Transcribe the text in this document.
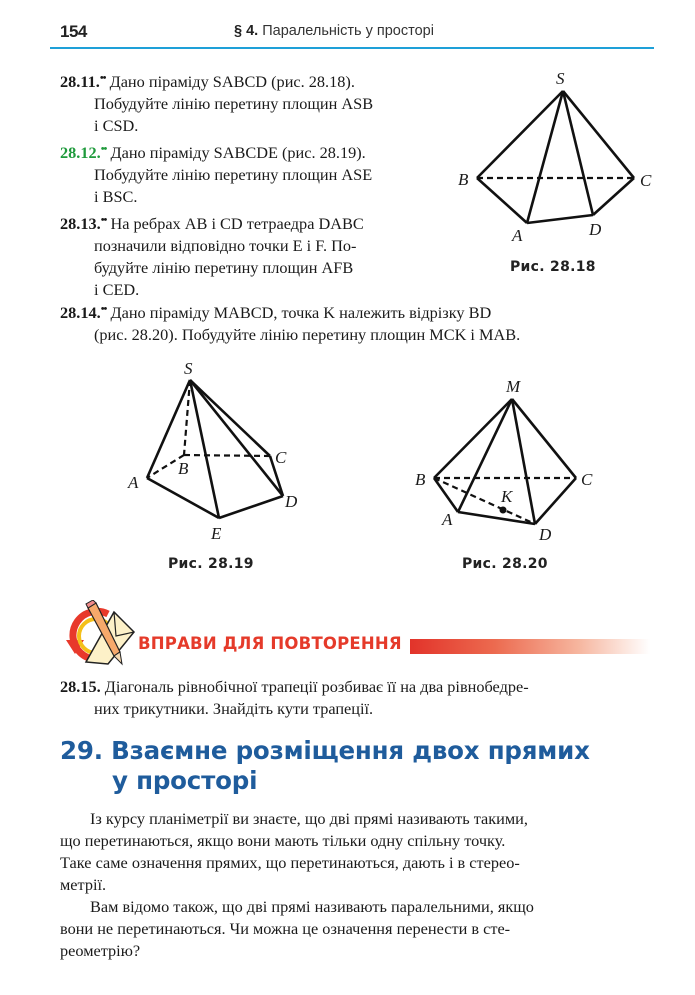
154	§ 4. Паралельність у просторі
28.11.•• Дано піраміду SABCD (рис. 28.18).
Побудуйте лінію перетину площин ASB
і CSD.
28.12.•• Дано піраміду SABCDE (рис. 28.19).
Побудуйте лінію перетину площин ASE
і BSC.
28.13.•• На ребрах AB і CD тетраедра DABC
позначили відповідно точки E і F. По-
будуйте лінію перетину площин AFB
і CED.
28.14.•• Дано піраміду MABCD, точка K належить відрізку BD
(рис. 28.20). Побудуйте лінію перетину площин MCK і MAB.
S
B	C
A	D
Рис. 28.18
S
A
B
C
D
E
Рис. 28.19
M
B	C
A
D
K
Рис. 28.20
ВПРАВИ ДЛЯ ПОВТОРЕННЯ
28.15. Діагональ рівнобічної трапеції розбиває її на два рівнобедре-
них трикутники. Знайдіть кути трапеції.
29. Взаємне розміщення двох прямих
у просторі
Із курсу планіметрії ви знаєте, що дві прямі називають такими,
що перетинаються, якщо вони мають тільки одну спільну точку.
Таке саме означення прямих, що перетинаються, дають і в стерео-
метрії.
Вам відомо також, що дві прямі називають паралельними, якщо
вони не перетинаються. Чи можна це означення перенести в сте-
реометрію?
